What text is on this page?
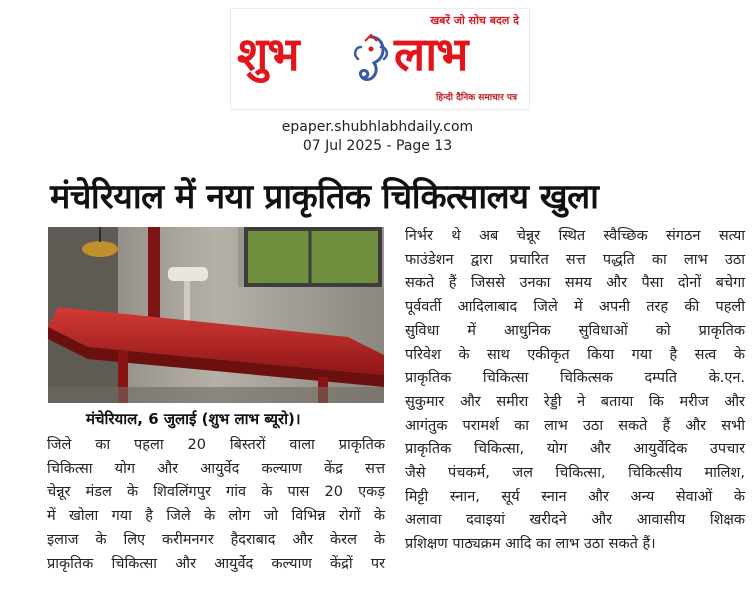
खबरें जो सोच बदल दे
शुभ लाभ
हिन्दी दैनिक समाचार पत्र
epaper.shubhlabhdaily.com
07 Jul 2025 - Page 13
मंचेरियाल में नया प्राकृतिक चिकित्सालय खुला
मंचेरियाल, 6 जुलाई (शुभ लाभ ब्यूरो)।
जिले का पहला 20 बिस्तरों वाला प्राकृतिक
चिकित्सा योग और आयुर्वेद कल्याण केंद्र सत्त
चेन्नूर मंडल के शिवलिंगपुर गांव के पास 20 एकड़
में खोला गया है जिले के लोग जो विभिन्न रोगों के
इलाज के लिए करीमनगर हैदराबाद और केरल के
प्राकृतिक चिकित्सा और आयुर्वेद कल्याण केंद्रों पर
निर्भर थे अब चेन्नूर स्थित स्वैच्छिक संगठन सत्या
फाउंडेशन द्वारा प्रचारित सत्त पद्धति का लाभ उठा
सकते हैं जिससे उनका समय और पैसा दोनों बचेगा
पूर्ववर्ती आदिलाबाद जिले में अपनी तरह की पहली
सुविधा में आधुनिक सुविधाओं को प्राकृतिक
परिवेश के साथ एकीकृत किया गया है सत्व के
प्राकृतिक चिकित्सा चिकित्सक दम्पति के.एन.
सुकुमार और समीरा रेड्डी ने बताया कि मरीज और
आगंतुक परामर्श का लाभ उठा सकते हैं और सभी
प्राकृतिक चिकित्सा, योग और आयुर्वेदिक उपचार
जैसे पंचकर्म, जल चिकित्सा, चिकित्सीय मालिश,
मिट्टी स्नान, सूर्य स्नान और अन्य सेवाओं के
अलावा दवाइयां खरीदने और आवासीय शिक्षक
प्रशिक्षण पाठ्यक्रम आदि का लाभ उठा सकते हैं।
